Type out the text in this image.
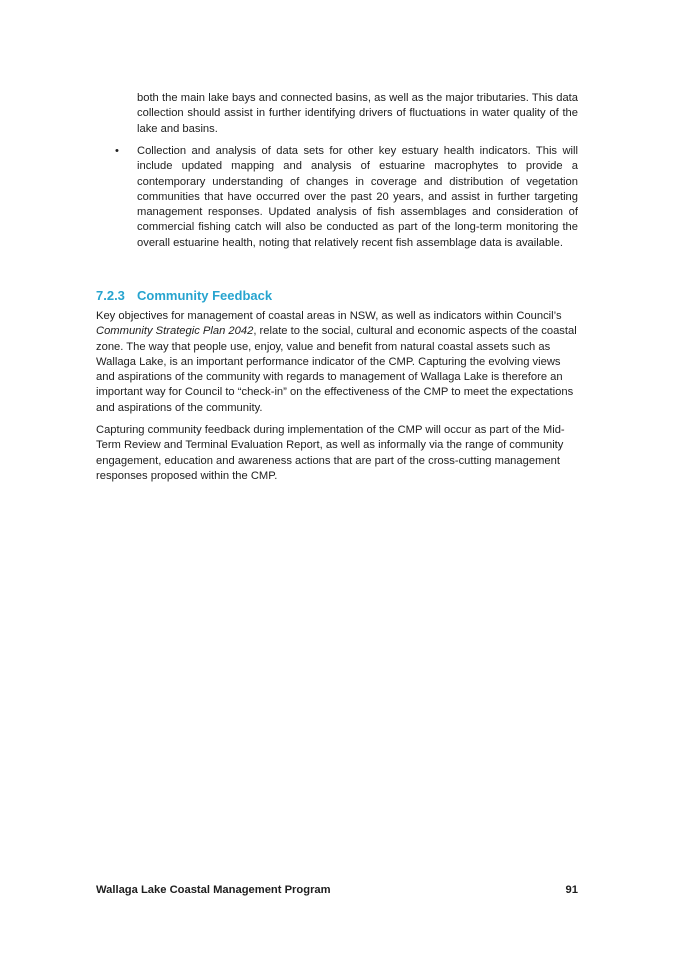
both the main lake bays and connected basins, as well as the major tributaries. This data collection should assist in further identifying drivers of fluctuations in water quality of the lake and basins.

• Collection and analysis of data sets for other key estuary health indicators. This will include updated mapping and analysis of estuarine macrophytes to provide a contemporary understanding of changes in coverage and distribution of vegetation communities that have occurred over the past 20 years, and assist in further targeting management responses. Updated analysis of fish assemblages and consideration of commercial fishing catch will also be conducted as part of the long-term monitoring the overall estuarine health, noting that relatively recent fish assemblage data is available.

7.2.3 Community Feedback

Key objectives for management of coastal areas in NSW, as well as indicators within Council’s Community Strategic Plan 2042, relate to the social, cultural and economic aspects of the coastal zone. The way that people use, enjoy, value and benefit from natural coastal assets such as Wallaga Lake, is an important performance indicator of the CMP. Capturing the evolving views and aspirations of the community with regards to management of Wallaga Lake is therefore an important way for Council to “check-in” on the effectiveness of the CMP to meet the expectations and aspirations of the community.

Capturing community feedback during implementation of the CMP will occur as part of the Mid-Term Review and Terminal Evaluation Report, as well as informally via the range of community engagement, education and awareness actions that are part of the cross-cutting management responses proposed within the CMP.

Wallaga Lake Coastal Management Program	91
